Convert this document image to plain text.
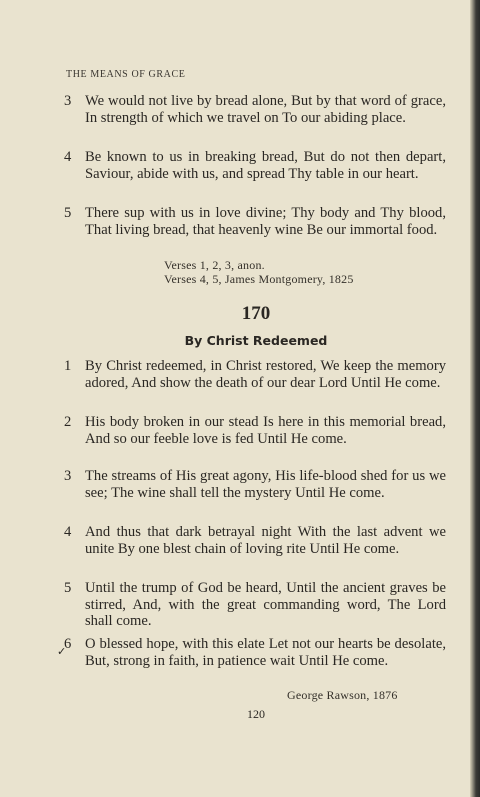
THE MEANS OF GRACE
3 We would not live by bread alone, But by that word of grace, In strength of which we travel on To our abiding place.
4 Be known to us in breaking bread, But do not then depart, Saviour, abide with us, and spread Thy table in our heart.
5 There sup with us in love divine; Thy body and Thy blood, That living bread, that heavenly wine Be our immortal food.
Verses 1, 2, 3, anon.
Verses 4, 5, James Montgomery, 1825
170
By Christ Redeemed
1 By Christ redeemed, in Christ restored, We keep the memory adored, And show the death of our dear Lord Until He come.
2 His body broken in our stead Is here in this memorial bread, And so our feeble love is fed Until He come.
3 The streams of His great agony, His life-blood shed for us we see; The wine shall tell the mystery Until He come.
4 And thus that dark betrayal night With the last advent we unite By one blest chain of loving rite Until He come.
5 Until the trump of God be heard, Until the ancient graves be stirred, And, with the great commanding word, The Lord shall come.
✓
6 O blessed hope, with this elate Let not our hearts be desolate, But, strong in faith, in patience wait Until He come.
George Rawson, 1876
120
